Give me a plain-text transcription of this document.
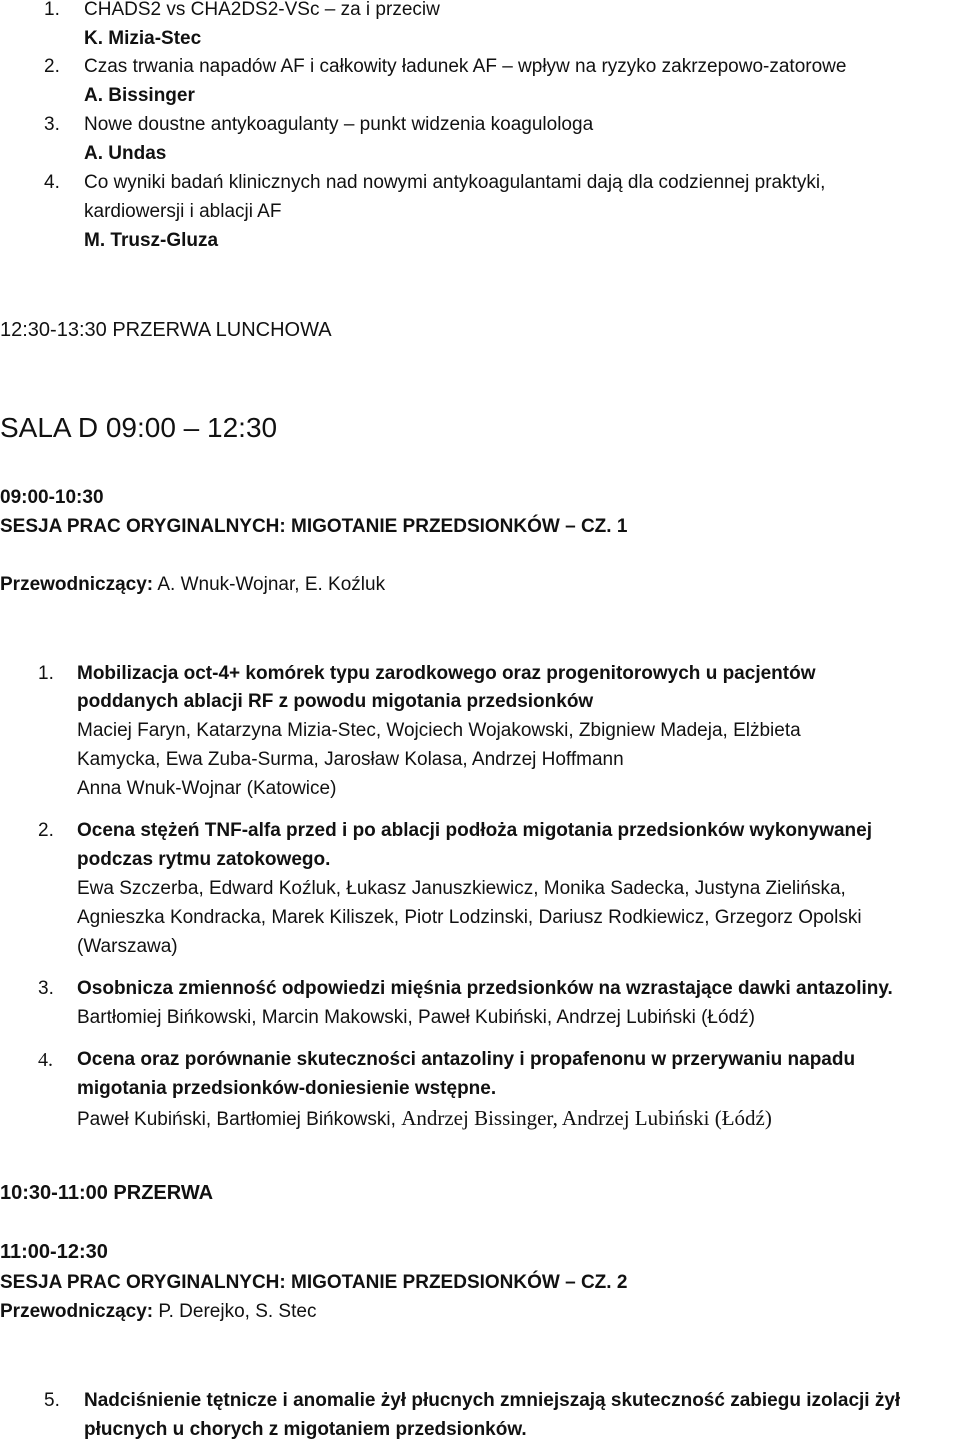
1. CHADS2 vs CHA2DS2-VSc – za i przeciw
K. Mizia-Stec
2. Czas trwania napadów AF i całkowity ładunek AF – wpływ na ryzyko zakrzepowo-zatorowe
A. Bissinger
3. Nowe doustne antykoagulanty – punkt widzenia koagulologa
A. Undas
4. Co wyniki badań klinicznych nad nowymi antykoagulantami dają dla codziennej praktyki,
kardiowersji i ablacji AF
M. Trusz-Gluza
12:30-13:30 PRZERWA LUNCHOWA
SALA D 09:00 – 12:30
09:00-10:30
SESJA PRAC ORYGINALNYCH: MIGOTANIE PRZEDSIONKÓW – CZ. 1
Przewodniczący: A. Wnuk-Wojnar, E. Koźluk
1. Mobilizacja oct-4+ komórek typu zarodkowego oraz progenitorowych u pacjentów
poddanych ablacji RF z powodu migotania przedsionków
Maciej Faryn, Katarzyna Mizia-Stec, Wojciech Wojakowski, Zbigniew Madeja, Elżbieta
Kamycka, Ewa Zuba-Surma, Jarosław Kolasa, Andrzej Hoffmann
Anna Wnuk-Wojnar (Katowice)
2. Ocena stężeń TNF-alfa przed i po ablacji podłoża migotania przedsionków wykonywanej
podczas rytmu zatokowego.
Ewa Szczerba, Edward Koźluk, Łukasz Januszkiewicz, Monika Sadecka, Justyna Zielińska,
Agnieszka Kondracka, Marek Kiliszek, Piotr Lodzinski, Dariusz Rodkiewicz, Grzegorz Opolski
(Warszawa)
3. Osobnicza zmienność odpowiedzi mięśnia przedsionków na wzrastające dawki antazoliny.
Bartłomiej Bińkowski, Marcin Makowski, Paweł Kubiński, Andrzej Lubiński (Łódź)
4. Ocena oraz porównanie skuteczności antazoliny i propafenonu w przerywaniu napadu
migotania przedsionków-doniesienie wstępne.
Paweł Kubiński, Bartłomiej Bińkowski, Andrzej Bissinger, Andrzej Lubiński (Łódź)
10:30-11:00 PRZERWA
11:00-12:30
SESJA PRAC ORYGINALNYCH: MIGOTANIE PRZEDSIONKÓW – CZ. 2
Przewodniczący: P. Derejko, S. Stec
5. Nadciśnienie tętnicze i anomalie żył płucnych zmniejszają skuteczność zabiegu izolacji żył
płucnych u chorych z migotaniem przedsionków.
